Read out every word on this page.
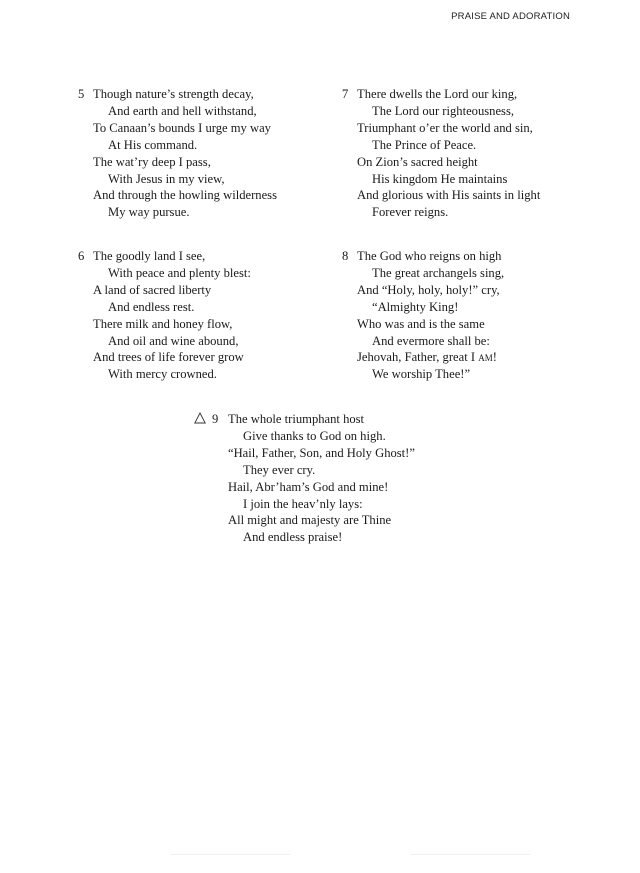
PRAISE AND ADORATION
5 Though nature’s strength decay,
And earth and hell withstand,
To Canaan’s bounds I urge my way
At His command.
The wat’ry deep I pass,
With Jesus in my view,
And through the howling wilderness
My way pursue.
7 There dwells the Lord our king,
The Lord our righteousness,
Triumphant o’er the world and sin,
The Prince of Peace.
On Zion’s sacred height
His kingdom He maintains
And glorious with His saints in light
Forever reigns.
6 The goodly land I see,
With peace and plenty blest:
A land of sacred liberty
And endless rest.
There milk and honey flow,
And oil and wine abound,
And trees of life forever grow
With mercy crowned.
8 The God who reigns on high
The great archangels sing,
And “Holy, holy, holy!” cry,
“Almighty King!
Who was and is the same
And evermore shall be:
Jehovah, Father, great I am!
We worship Thee!”
9 The whole triumphant host
Give thanks to God on high.
“Hail, Father, Son, and Holy Ghost!”
They ever cry.
Hail, Abr’ham’s God and mine!
I join the heav’nly lays:
All might and majesty are Thine
And endless praise!
